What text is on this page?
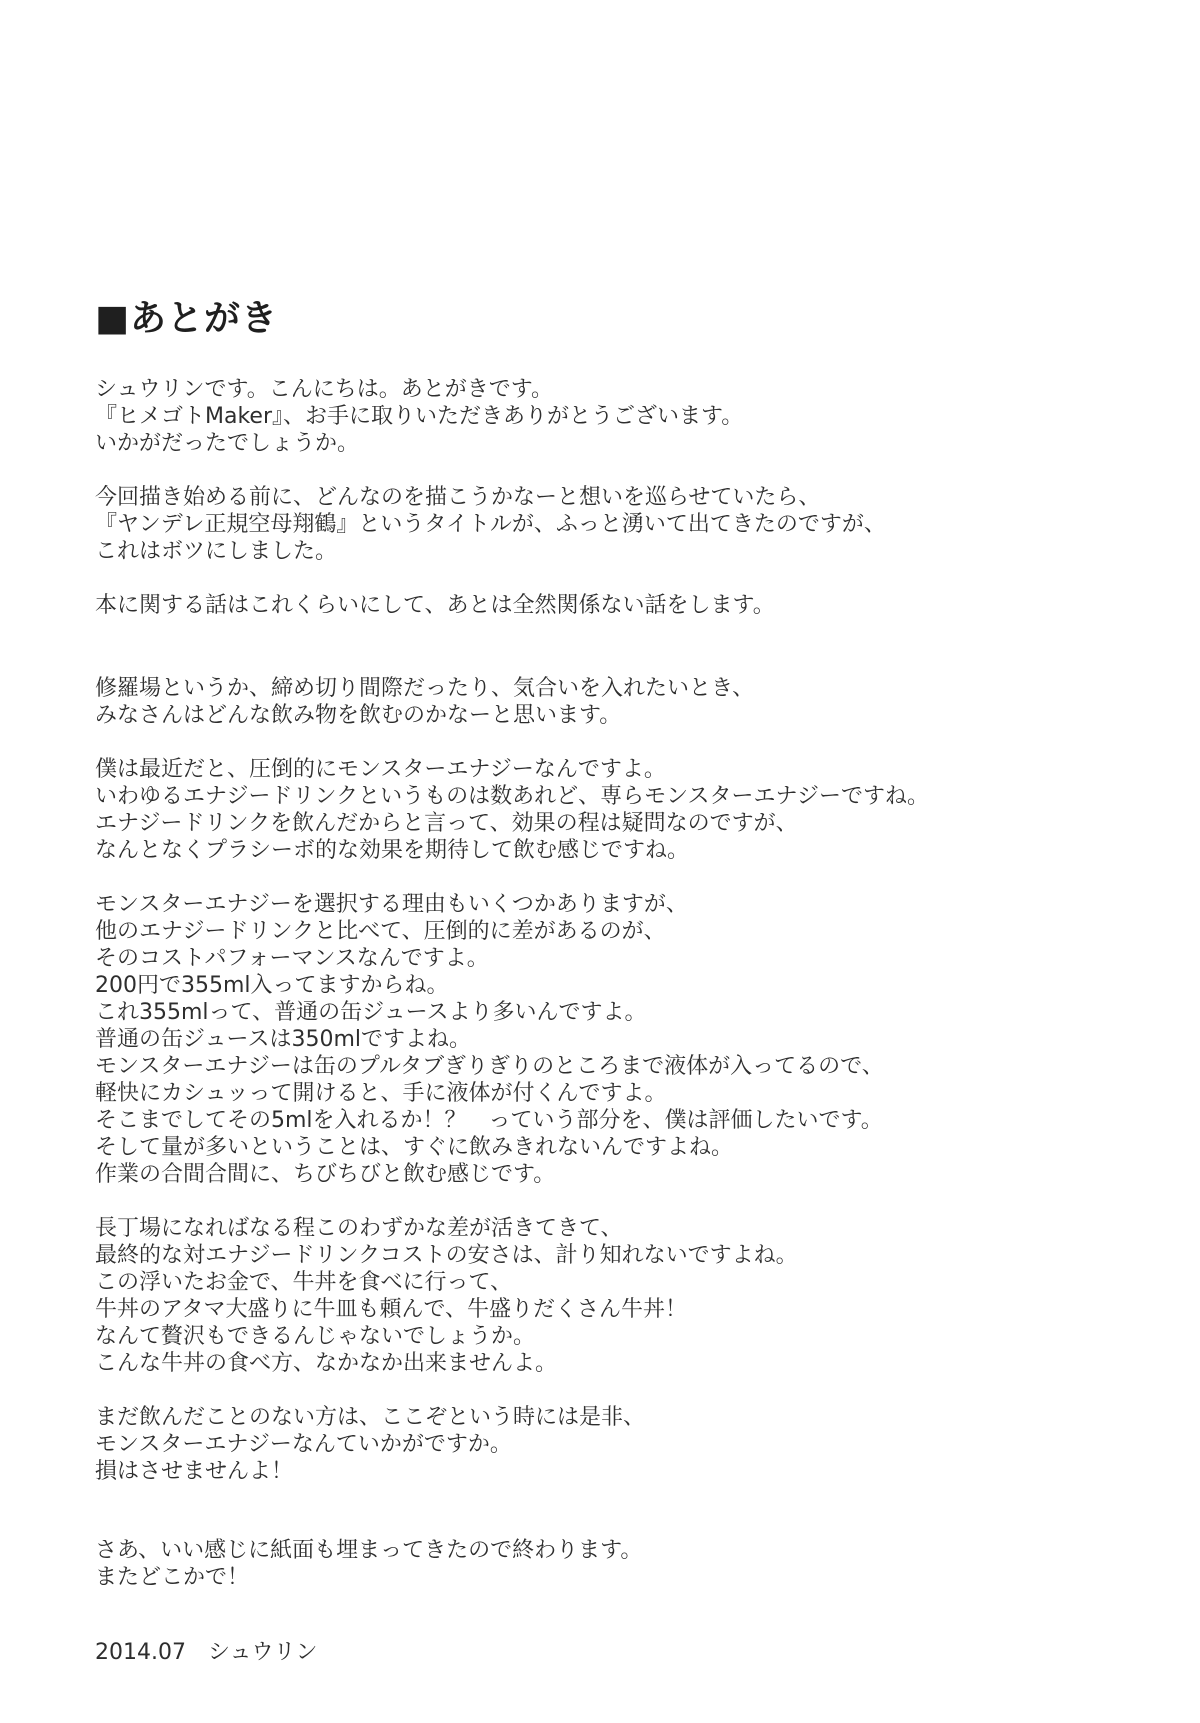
■あとがき

シュウリンです。こんにちは。あとがきです。
『ヒメゴトMaker』、お手に取りいただきありがとうございます。
いかがだったでしょうか。

今回描き始める前に、どんなのを描こうかなーと想いを巡らせていたら、
『ヤンデレ正規空母翔鶴』というタイトルが、ふっと湧いて出てきたのですが、
これはボツにしました。

本に関する話はこれくらいにして、あとは全然関係ない話をします。

修羅場というか、締め切り間際だったり、気合いを入れたいとき、
みなさんはどんな飲み物を飲むのかなーと思います。

僕は最近だと、圧倒的にモンスターエナジーなんですよ。
いわゆるエナジードリンクというものは数あれど、専らモンスターエナジーですね。
エナジードリンクを飲んだからと言って、効果の程は疑問なのですが、
なんとなくプラシーボ的な効果を期待して飲む感じですね。

モンスターエナジーを選択する理由もいくつかありますが、
他のエナジードリンクと比べて、圧倒的に差があるのが、
そのコストパフォーマンスなんですよ。
200円で355ml入ってますからね。
これ355mlって、普通の缶ジュースより多いんですよ。
普通の缶ジュースは350mlですよね。
モンスターエナジーは缶のプルタブぎりぎりのところまで液体が入ってるので、
軽快にカシュッって開けると、手に液体が付くんですよ。
そこまでしてその5mlを入れるか！？　っていう部分を、僕は評価したいです。
そして量が多いということは、すぐに飲みきれないんですよね。
作業の合間合間に、ちびちびと飲む感じです。

長丁場になればなる程このわずかな差が活きてきて、
最終的な対エナジードリンクコストの安さは、計り知れないですよね。
この浮いたお金で、牛丼を食べに行って、
牛丼のアタマ大盛りに牛皿も頼んで、牛盛りだくさん牛丼！
なんて贅沢もできるんじゃないでしょうか。
こんな牛丼の食べ方、なかなか出来ませんよ。

まだ飲んだことのない方は、ここぞという時には是非、
モンスターエナジーなんていかがですか。
損はさせませんよ！

さあ、いい感じに紙面も埋まってきたので終わります。
またどこかで！

2014.07　シュウリン
